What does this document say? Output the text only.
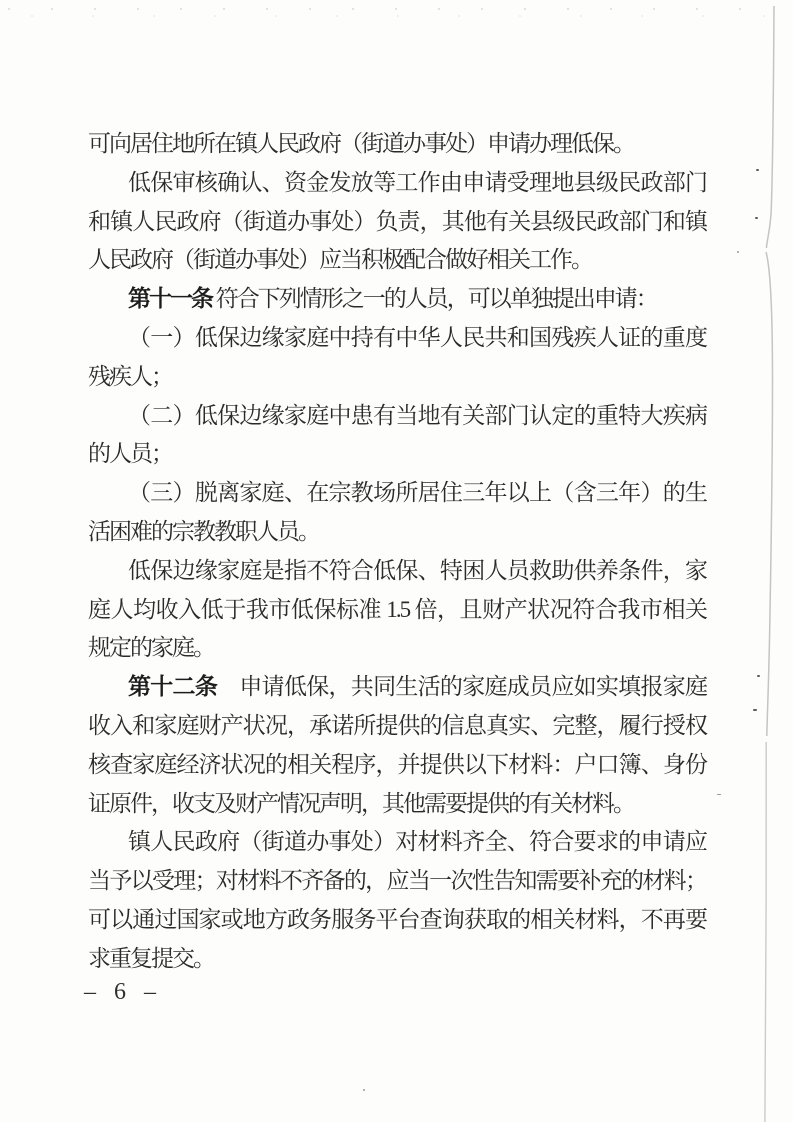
可向居住地所在镇人民政府（街道办事处）申请办理低保。
低保审核确认、资金发放等工作由申请受理地县级民政部门
和镇人民政府（街道办事处）负责，其他有关县级民政部门和镇
人民政府（街道办事处）应当积极配合做好相关工作。
第十一条 符合下列情形之一的人员，可以单独提出申请：
（一）低保边缘家庭中持有中华人民共和国残疾人证的重度
残疾人；
（二）低保边缘家庭中患有当地有关部门认定的重特大疾病
的人员；
（三）脱离家庭、在宗教场所居住三年以上（含三年）的生
活困难的宗教教职人员。
低保边缘家庭是指不符合低保、特困人员救助供养条件，家
庭人均收入低于我市低保标准 1.5 倍，且财产状况符合我市相关
规定的家庭。
第十二条　申请低保，共同生活的家庭成员应如实填报家庭
收入和家庭财产状况，承诺所提供的信息真实、完整，履行授权
核查家庭经济状况的相关程序，并提供以下材料：户口簿、身份
证原件，收支及财产情况声明，其他需要提供的有关材料。
镇人民政府（街道办事处）对材料齐全、符合要求的申请应
当予以受理；对材料不齐备的，应当一次性告知需要补充的材料；
可以通过国家或地方政务服务平台查询获取的相关材料，不再要
求重复提交。
– 6 –
